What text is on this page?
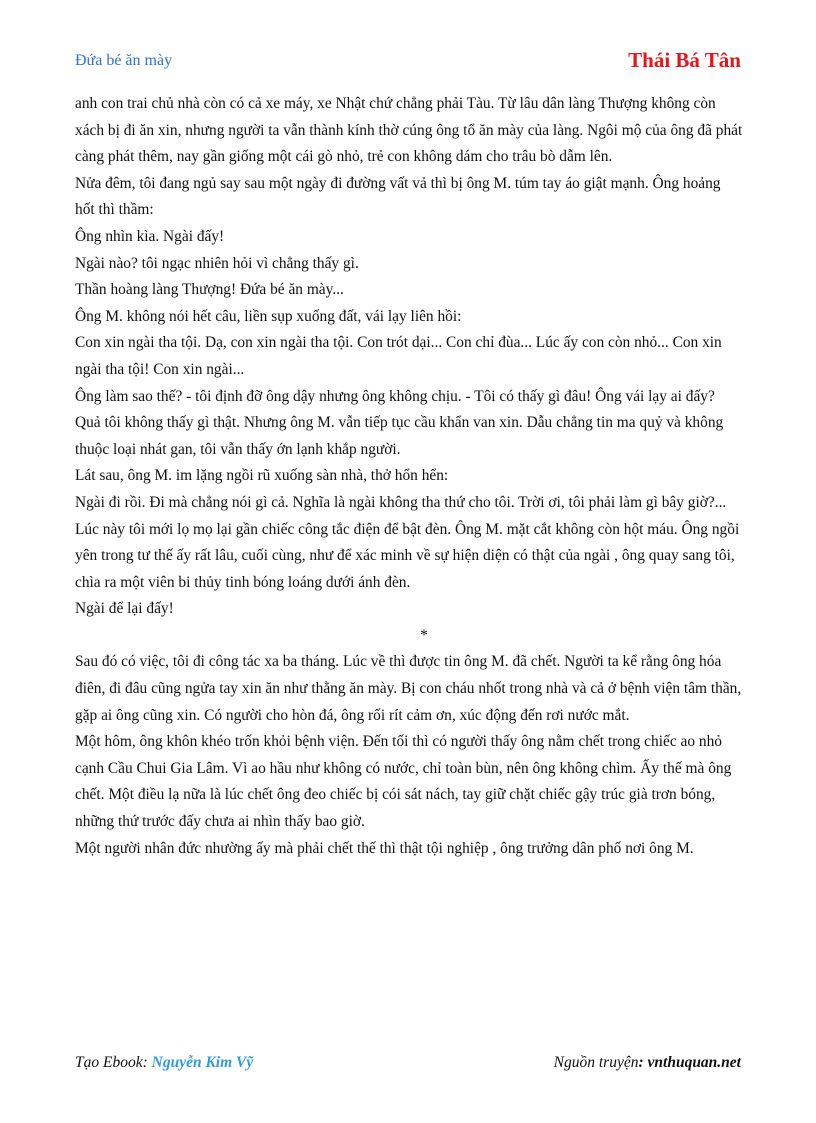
Đứa bé ăn mày	Thái Bá Tân

anh con trai chủ nhà còn có cả xe máy, xe Nhật chứ chẳng phải Tàu. Từ lâu dân làng Thượng không còn xách bị đi ăn xin, nhưng người ta vẫn thành kính thờ cúng ông tổ ăn mày của làng. Ngôi mộ của ông đã phát càng phát thêm, nay gần giống một cái gò nhỏ, trẻ con không dám cho trâu bò dẫm lên.

Nửa đêm, tôi đang ngủ say sau một ngày đi đường vất vả thì bị ông M. túm tay áo giật mạnh. Ông hoảng hốt thì thầm:

Ông nhìn kìa. Ngài đấy!

Ngài nào? tôi ngạc nhiên hỏi vì chẳng thấy gì.

Thần hoàng làng Thượng! Đứa bé ăn mày...

Ông M. không nói hết câu, liền sụp xuống đất, vái lạy liên hồi:

Con xin ngài tha tội. Dạ, con xin ngài tha tội. Con trót dại... Con chỉ đùa... Lúc ấy con còn nhỏ... Con xin ngài tha tội! Con xin ngài...

Ông làm sao thế? - tôi định đỡ ông dậy nhưng ông không chịu. - Tôi có thấy gì đâu! Ông vái lạy ai đấy?

Quả tôi không thấy gì thật. Nhưng ông M. vẫn tiếp tục cầu khẩn van xin. Dẫu chẳng tin ma quỷ và không thuộc loại nhát gan, tôi vẫn thấy ớn lạnh khắp người.

Lát sau, ông M. im lặng ngồi rũ xuống sàn nhà, thở hổn hển:

Ngài đi rồi. Đi mà chẳng nói gì cả. Nghĩa là ngài không tha thứ cho tôi. Trời ơi, tôi phải làm gì bây giờ?...

Lúc này tôi mới lọ mọ lại gần chiếc công tắc điện để bật đèn. Ông M. mặt cắt không còn hột máu. Ông ngồi yên trong tư thế ấy rất lâu, cuối cùng, như để xác minh về sự hiện diện có thật của ngài , ông quay sang tôi, chìa ra một viên bi thủy tinh bóng loáng dưới ánh đèn.

Ngài để lại đấy!

*

Sau đó có việc, tôi đi công tác xa ba tháng. Lúc về thì được tin ông M. đã chết. Người ta kể rằng ông hóa điên, đi đâu cũng ngửa tay xin ăn như thằng ăn mày. Bị con cháu nhốt trong nhà và cả ở bệnh viện tâm thần, gặp ai ông cũng xin. Có người cho hòn đá, ông rối rít cảm ơn, xúc động đến rơi nước mắt.

Một hôm, ông khôn khéo trốn khỏi bệnh viện. Đến tối thì có người thấy ông nằm chết trong chiếc ao nhỏ cạnh Cầu Chui Gia Lâm. Vì ao hầu như không có nước, chỉ toàn bùn, nên ông không chìm. Ấy thế mà ông chết. Một điều lạ nữa là lúc chết ông đeo chiếc bị cói sát nách, tay giữ chặt chiếc gậy trúc già trơn bóng, những thứ trước đấy chưa ai nhìn thấy bao giờ.

Một người nhân đức nhường ấy mà phải chết thế thì thật tội nghiệp , ông trưởng dân phố nơi ông M.

Tạo Ebook: Nguyễn Kim Vỹ	Nguồn truyện: vnthuquan.net
